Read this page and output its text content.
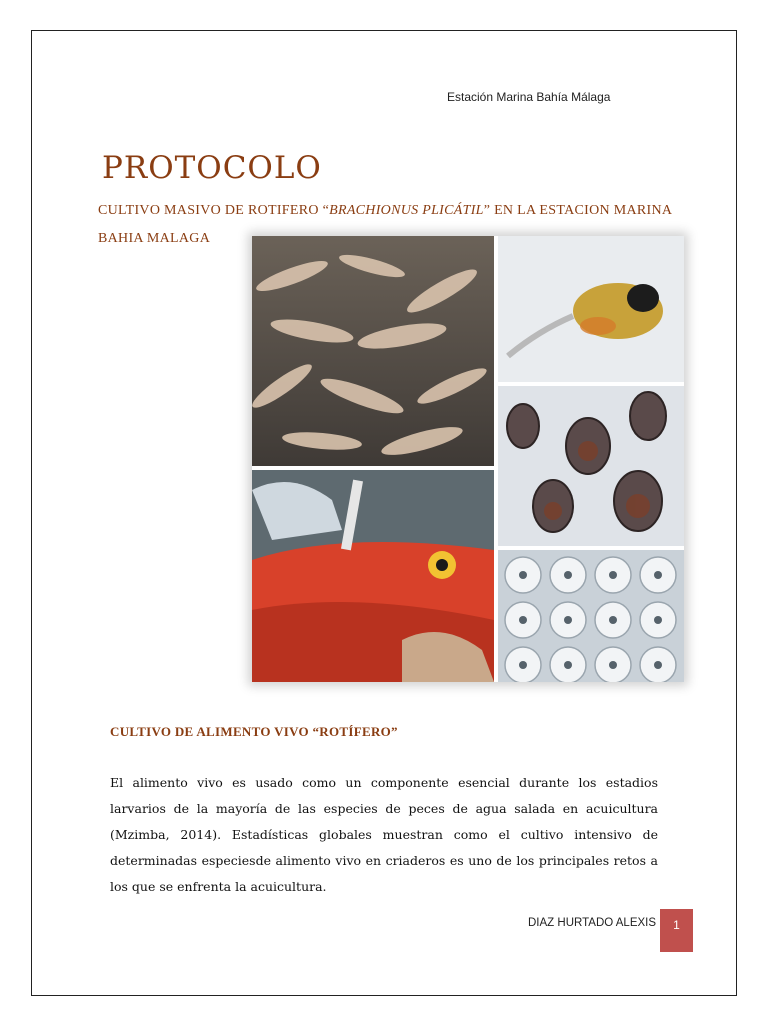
Estación Marina Bahía Málaga
PROTOCOLO
CULTIVO MASIVO DE ROTIFERO “BRACHIONUS PLICÁTIL” EN LA ESTACION MARINA BAHIA MALAGA
CULTIVO DE ALIMENTO VIVO “ROTÍFERO”
El alimento vivo es usado como un componente esencial durante los estadios larvarios de la mayoría de las especies de peces de agua salada en acuicultura (Mzimba, 2014). Estadísticas globales muestran como el cultivo intensivo de determinadas especiesde alimento vivo en criaderos es uno de los principales retos a los que se enfrenta la acuicultura.
DIAZ HURTADO ALEXIS	1
